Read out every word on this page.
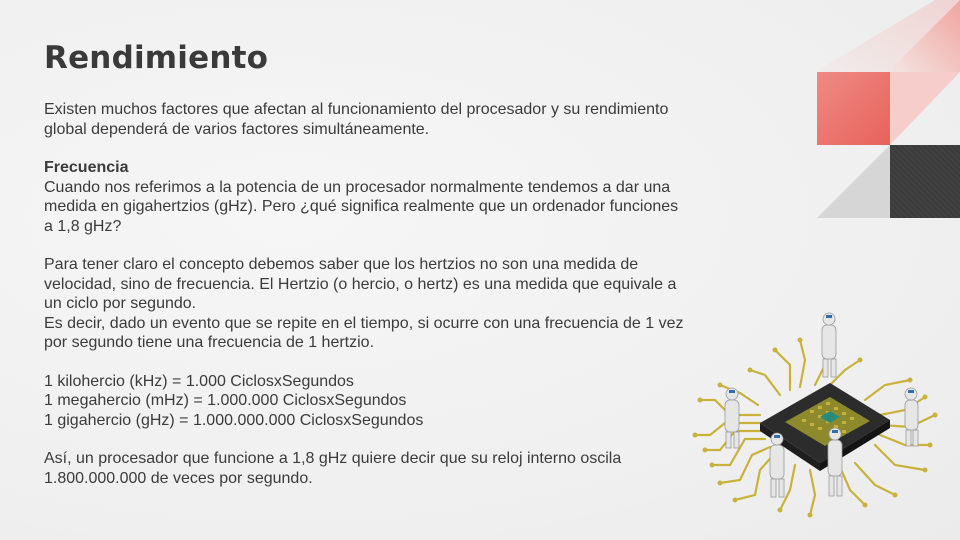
Rendimiento

Existen muchos factores que afectan al funcionamiento del procesador y su rendimiento

global dependerá de varios factores simultáneamente.

Frecuencia

Cuando nos referimos a la potencia de un procesador normalmente tendemos a dar una

medida en gigahertzios (gHz). Pero ¿qué significa realmente que un ordenador funciones

a 1,8 gHz?

Para tener claro el concepto debemos saber que los hertzios no son una medida de

velocidad, sino de frecuencia. El Hertzio (o hercio, o hertz) es una medida que equivale a

un ciclo por segundo.

Es decir, dado un evento que se repite en el tiempo, si ocurre con una frecuencia de 1 vez

por segundo tiene una frecuencia de 1 hertzio.

1 kilohercio (kHz) = 1.000 CiclosxSegundos

1 megahercio (mHz) = 1.000.000 CiclosxSegundos

1 gigahercio (gHz) = 1.000.000.000 CiclosxSegundos

Así, un procesador que funcione a 1,8 gHz quiere decir que su reloj interno oscila

1.800.000.000 de veces por segundo.
